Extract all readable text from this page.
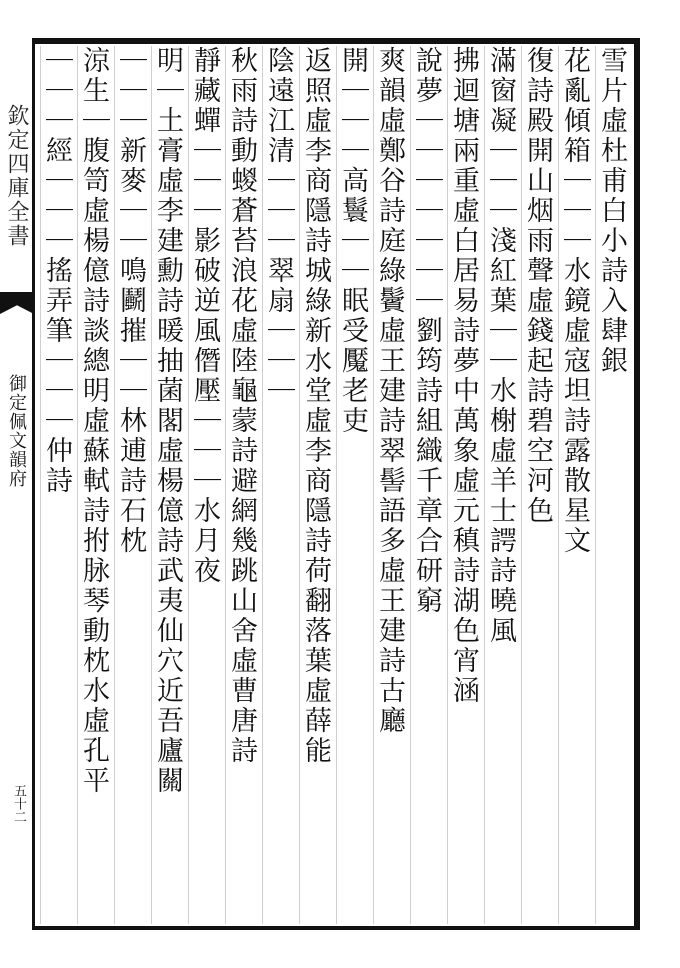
欽定四庫全書
御定佩文韻府
五十二
雪片虛杜甫白小詩入肆銀
花亂傾箱｜｜｜水鏡虛寇坦詩露散星文
復詩殿開山烟雨聲虛錢起詩碧空河色
滿窗凝｜｜｜淺紅葉｜｜水榭虛羊士諤詩曉風
拂迴塘兩重虛白居易詩夢中萬象虛元稹詩湖色宵涵
說夢｜｜｜｜｜｜｜劉筠詩組織千章合研窮
爽韻虛鄭谷詩庭綠鬢虛王建詩翠髻語多虛王建詩古廳
開｜｜｜高鬟｜｜眠受魘老吏
返照虛李商隱詩城綠新水堂虛李商隱詩荷翻落葉虛薛能
陰遠江清｜｜｜翠扇｜｜｜
秋雨詩動蝬蒼苔浪花虛陸龜蒙詩避網幾跳山舍虛曹唐詩
靜藏蟬｜｜｜影破逆風僭壓｜｜｜水月夜
明｜土膏虛李建勳詩暖抽菌閣虛楊億詩武夷仙穴近吾廬關
｜｜｜新麥｜｜鳴鬬摧｜｜林逋詩石枕
涼生｜腹笥虛楊億詩談總明虛蘇軾詩拊脉琴動枕水虛孔平
｜｜｜經｜｜｜搖弄筆｜｜｜仲詩
